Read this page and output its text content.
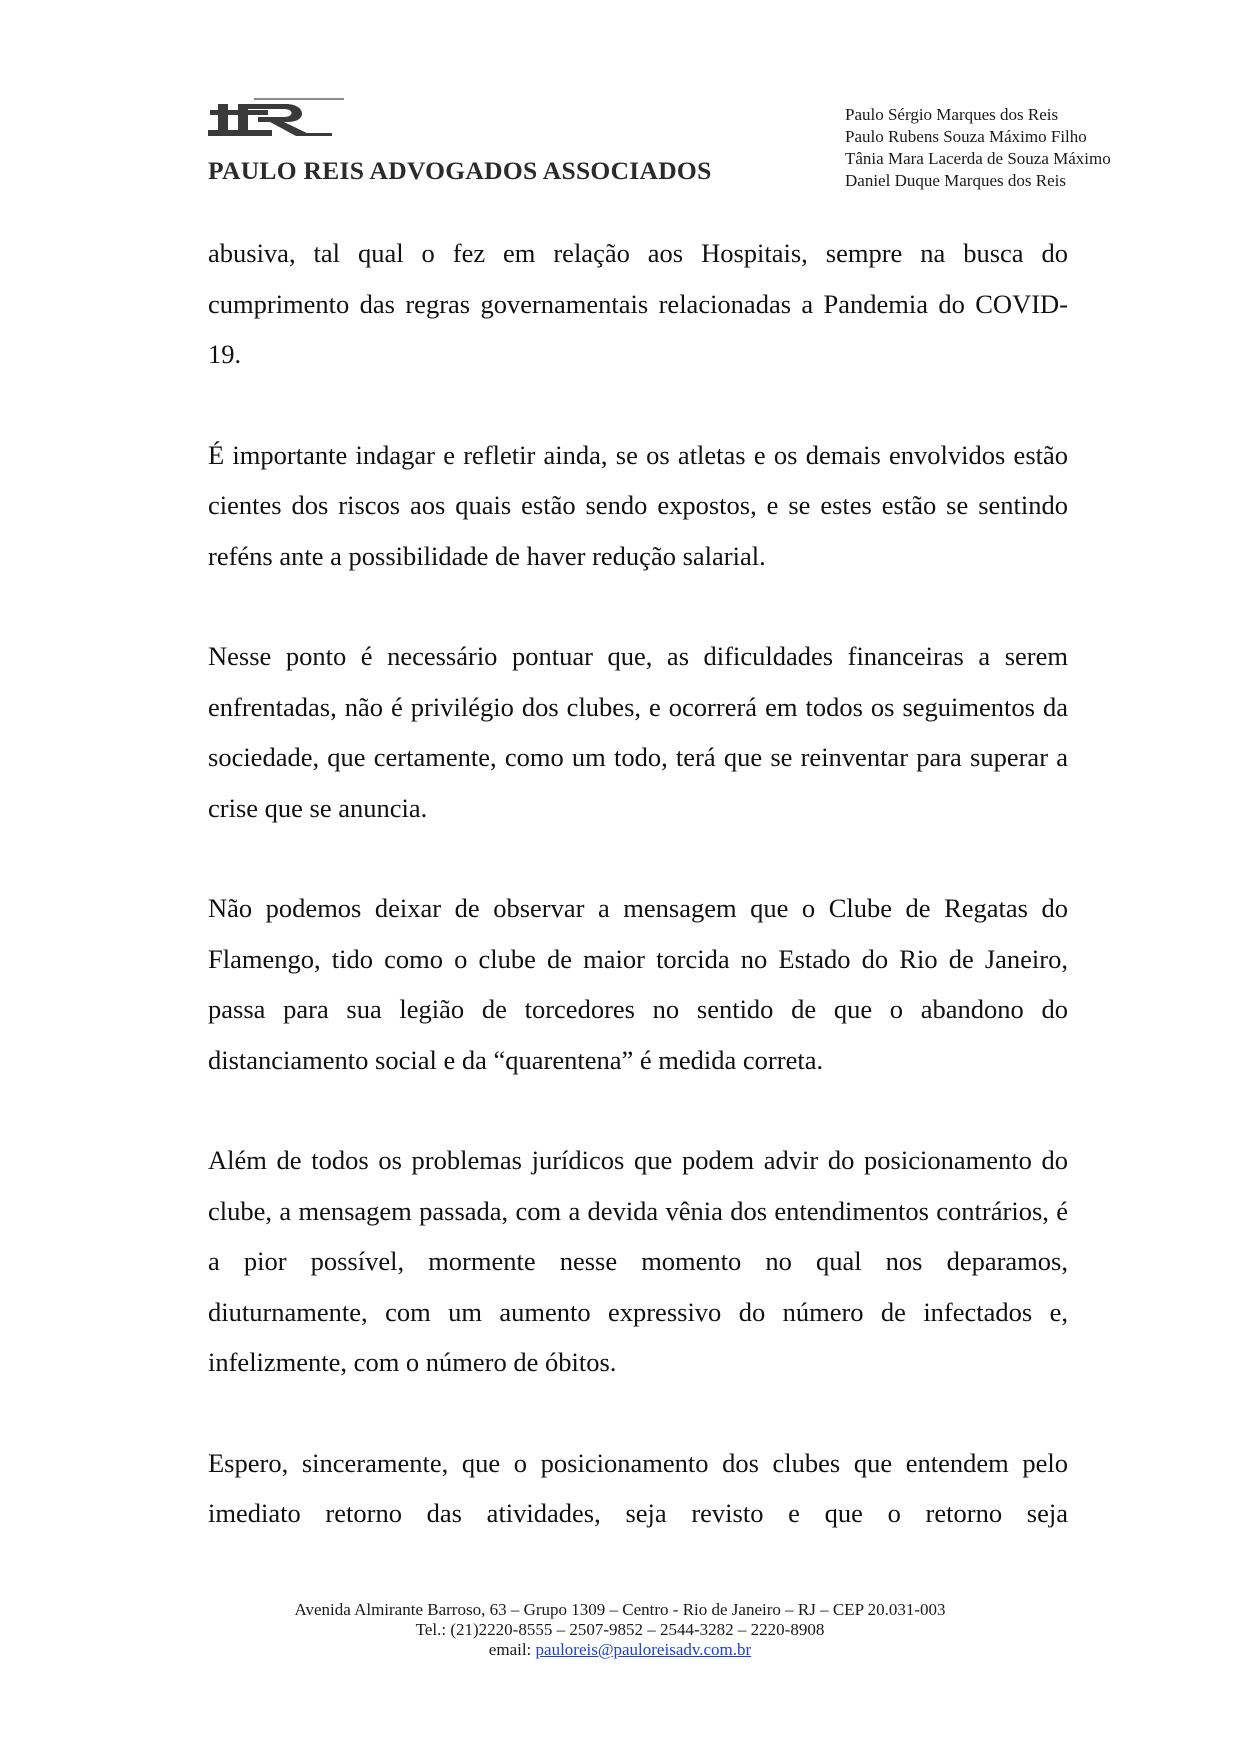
PAULO REIS ADVOGADOS ASSOCIADOS
Paulo Sérgio Marques dos Reis
Paulo Rubens Souza Máximo Filho
Tânia Mara Lacerda de Souza Máximo
Daniel Duque Marques dos Reis

abusiva, tal qual o fez em relação aos Hospitais, sempre na busca do cumprimento das regras governamentais relacionadas a Pandemia do COVID-19.

É importante indagar e refletir ainda, se os atletas e os demais envolvidos estão cientes dos riscos aos quais estão sendo expostos, e se estes estão se sentindo reféns ante a possibilidade de haver redução salarial.

Nesse ponto é necessário pontuar que, as dificuldades financeiras a serem enfrentadas, não é privilégio dos clubes, e ocorrerá em todos os seguimentos da sociedade, que certamente, como um todo, terá que se reinventar para superar a crise que se anuncia.

Não podemos deixar de observar a mensagem que o Clube de Regatas do Flamengo, tido como o clube de maior torcida no Estado do Rio de Janeiro, passa para sua legião de torcedores no sentido de que o abandono do distanciamento social e da “quarentena” é medida correta.

Além de todos os problemas jurídicos que podem advir do posicionamento do clube, a mensagem passada, com a devida vênia dos entendimentos contrários, é a pior possível, mormente nesse momento no qual nos deparamos, diuturnamente, com um aumento expressivo do número de infectados e, infelizmente, com o número de óbitos.

Espero, sinceramente, que o posicionamento dos clubes que entendem pelo imediato retorno das atividades, seja revisto e que o retorno seja

Avenida Almirante Barroso, 63 – Grupo 1309 – Centro - Rio de Janeiro – RJ – CEP 20.031-003
Tel.: (21)2220-8555 – 2507-9852 – 2544-3282 – 2220-8908
email: pauloreis@pauloreisadv.com.br
